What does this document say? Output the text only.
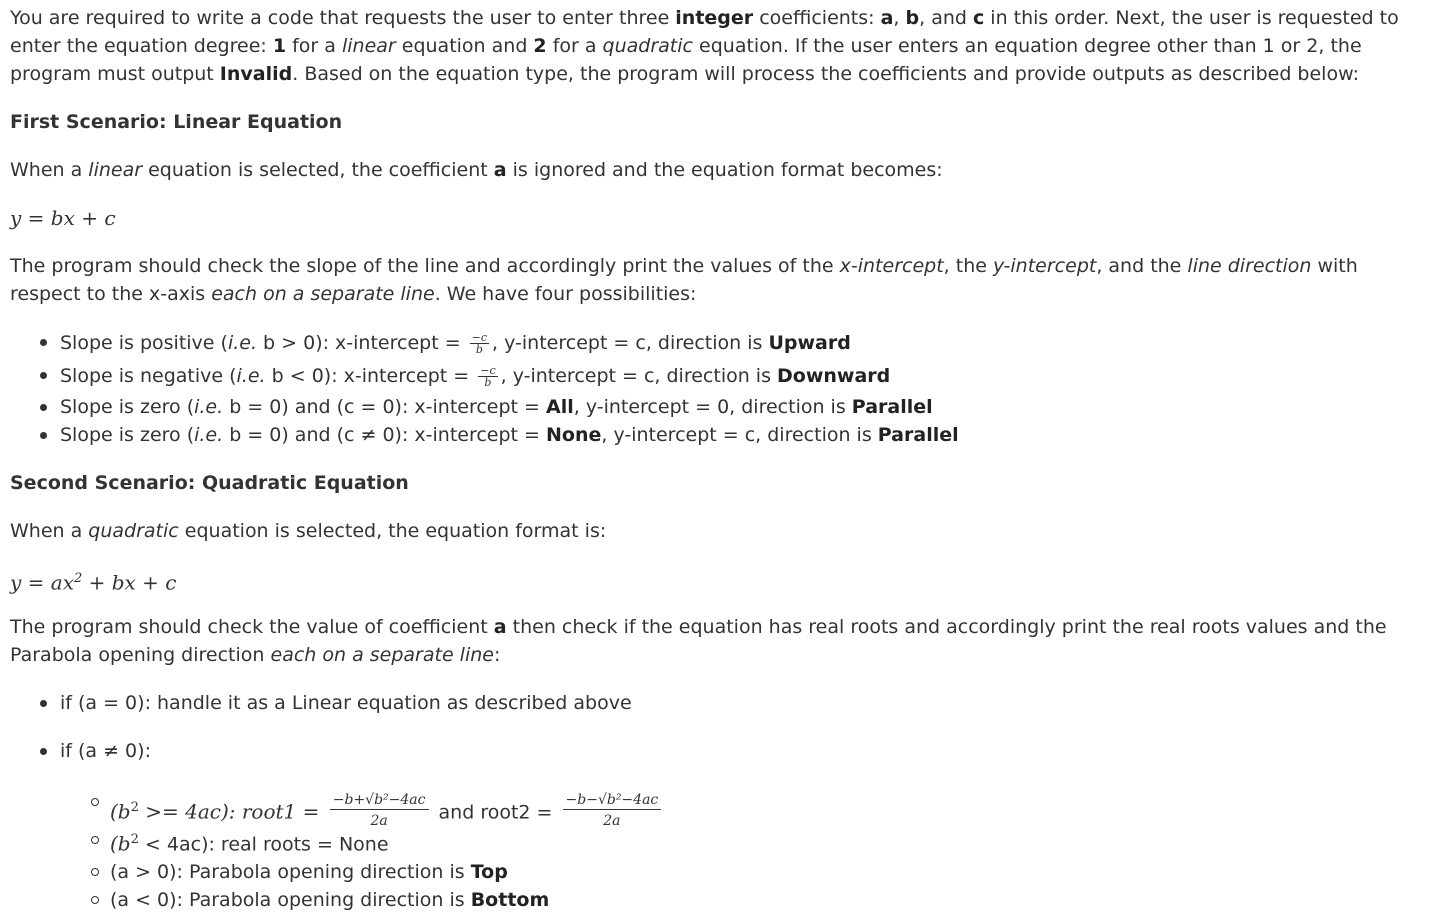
You are required to write a code that requests the user to enter three integer coefficients: a, b, and c in this order. Next, the user is requested to enter the equation degree: 1 for a linear equation and 2 for a quadratic equation. If the user enters an equation degree other than 1 or 2, the program must output Invalid. Based on the equation type, the program will process the coefficients and provide outputs as described below:

First Scenario: Linear Equation

When a linear equation is selected, the coefficient a is ignored and the equation format becomes:

y = bx + c

The program should check the slope of the line and accordingly print the values of the x-intercept, the y-intercept, and the line direction with respect to the x-axis each on a separate line. We have four possibilities:

Slope is positive (i.e. b > 0): x-intercept = $\frac{-c}{b}$ , y-intercept = c, direction is Upward
Slope is negative (i.e. b < 0): x-intercept = $\frac{-c}{b}$ , y-intercept = c, direction is Downward
Slope is zero (i.e. b = 0) and (c = 0): x-intercept = All, y-intercept = 0, direction is Parallel
Slope is zero (i.e. b = 0) and (c ≠ 0): x-intercept = None, y-intercept = c, direction is Parallel

Second Scenario: Quadratic Equation

When a quadratic equation is selected, the equation format is:

$y = ax^2$ + bx + c

The program should check the value of coefficient a then check if the equation has real roots and accordingly print the real roots values and the Parabola opening direction each on a separate line:

if (a = 0): handle it as a Linear equation as described above
if (a ≠ 0):
$(b^2 >= 4ac)$: root1 = $\frac{\text{−b+√b²−4ac}}{2a}$ and root2 = $\frac{\text{−b−√b²−4ac}}{2a}$
$(b^2 < 4ac)$: real roots = None
(a > 0): Parabola opening direction is Top
(a < 0): Parabola opening direction is Bottom
